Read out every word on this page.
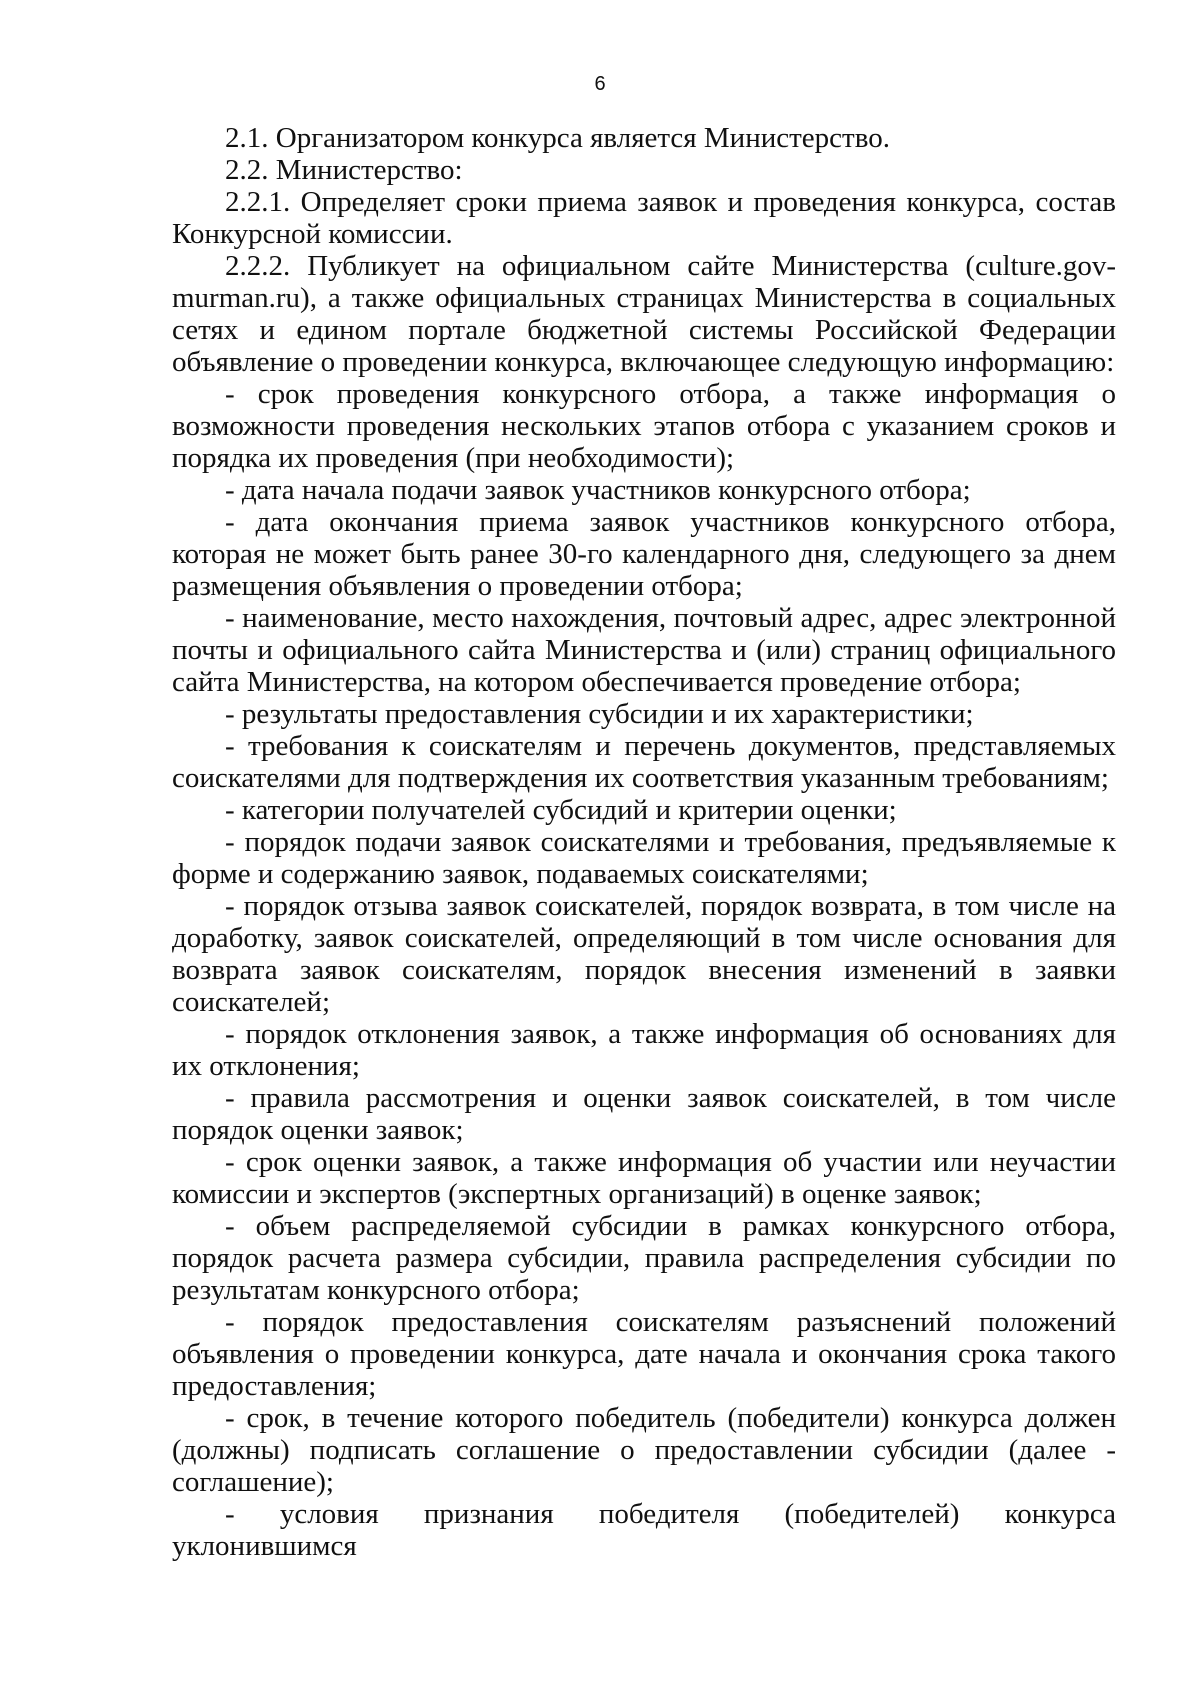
6

2.1. Организатором конкурса является Министерство.

2.2. Министерство:

2.2.1. Определяет сроки приема заявок и проведения конкурса, состав Конкурсной комиссии.

2.2.2. Публикует на официальном сайте Министерства (culture.gov-murman.ru), а также официальных страницах Министерства в социальных сетях и едином портале бюджетной системы Российской Федерации объявление о проведении конкурса, включающее следующую информацию:

- срок проведения конкурсного отбора, а также информация о возможности проведения нескольких этапов отбора с указанием сроков и порядка их проведения (при необходимости);

- дата начала подачи заявок участников конкурсного отбора;

- дата окончания приема заявок участников конкурсного отбора, которая не может быть ранее 30-го календарного дня, следующего за днем размещения объявления о проведении отбора;

- наименование, место нахождения, почтовый адрес, адрес электронной почты и официального сайта Министерства и (или) страниц официального сайта Министерства, на котором обеспечивается проведение отбора;

- результаты предоставления субсидии и их характеристики;

- требования к соискателям и перечень документов, представляемых соискателями для подтверждения их соответствия указанным требованиям;

- категории получателей субсидий и критерии оценки;

- порядок подачи заявок соискателями и требования, предъявляемые к форме и содержанию заявок, подаваемых соискателями;

- порядок отзыва заявок соискателей, порядок возврата, в том числе на доработку, заявок соискателей, определяющий в том числе основания для возврата заявок соискателям, порядок внесения изменений в заявки соискателей;

- порядок отклонения заявок, а также информация об основаниях для их отклонения;

- правила рассмотрения и оценки заявок соискателей, в том числе порядок оценки заявок;

- срок оценки заявок, а также информация об участии или неучастии комиссии и экспертов (экспертных организаций) в оценке заявок;

- объем распределяемой субсидии в рамках конкурсного отбора, порядок расчета размера субсидии, правила распределения субсидии по результатам конкурсного отбора;

- порядок предоставления соискателям разъяснений положений объявления о проведении конкурса, дате начала и окончания срока такого предоставления;

- срок, в течение которого победитель (победители) конкурса должен (должны) подписать соглашение о предоставлении субсидии (далее - соглашение);

- условия признания победителя (победителей) конкурса уклонившимся
